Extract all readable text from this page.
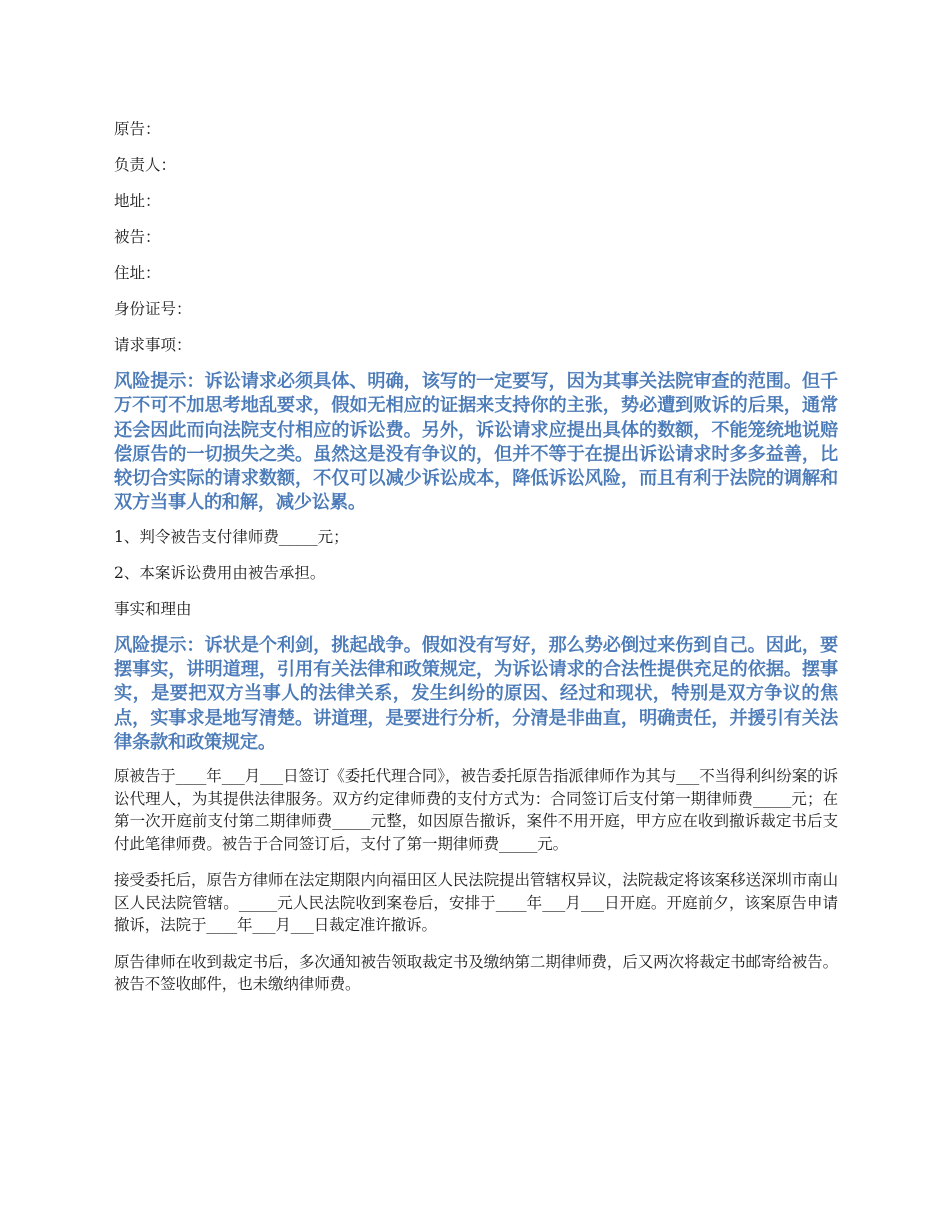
原告：
负责人：
地址：
被告：
住址：
身份证号：
请求事项：
风险提示：诉讼请求必须具体、明确，该写的一定要写，因为其事关法院审查的范围。但千万不可不加思考地乱要求，假如无相应的证据来支持你的主张，势必遭到败诉的后果，通常还会因此而向法院支付相应的诉讼费。另外，诉讼请求应提出具体的数额，不能笼统地说赔偿原告的一切损失之类。虽然这是没有争议的，但并不等于在提出诉讼请求时多多益善，比较切合实际的请求数额，不仅可以减少诉讼成本，降低诉讼风险，而且有利于法院的调解和双方当事人的和解，减少讼累。
1、判令被告支付律师费_____元；
2、本案诉讼费用由被告承担。
事实和理由
风险提示：诉状是个利剑，挑起战争。假如没有写好，那么势必倒过来伤到自己。因此，要摆事实，讲明道理，引用有关法律和政策规定，为诉讼请求的合法性提供充足的依据。摆事实，是要把双方当事人的法律关系，发生纠纷的原因、经过和现状，特别是双方争议的焦点，实事求是地写清楚。讲道理，是要进行分析，分清是非曲直，明确责任，并援引有关法律条款和政策规定。
原被告于____年___月___日签订《委托代理合同》，被告委托原告指派律师作为其与___不当得利纠纷案的诉讼代理人，为其提供法律服务。双方约定律师费的支付方式为：合同签订后支付第一期律师费_____元；在第一次开庭前支付第二期律师费_____元整，如因原告撤诉，案件不用开庭，甲方应在收到撤诉裁定书后支付此笔律师费。被告于合同签订后，支付了第一期律师费_____元。
接受委托后，原告方律师在法定期限内向福田区人民法院提出管辖权异议，法院裁定将该案移送深圳市南山区人民法院管辖。_____元人民法院收到案卷后，安排于____年___月___日开庭。开庭前夕，该案原告申请撤诉，法院于____年___月___日裁定准许撤诉。
原告律师在收到裁定书后，多次通知被告领取裁定书及缴纳第二期律师费，后又两次将裁定书邮寄给被告。被告不签收邮件，也未缴纳律师费。
